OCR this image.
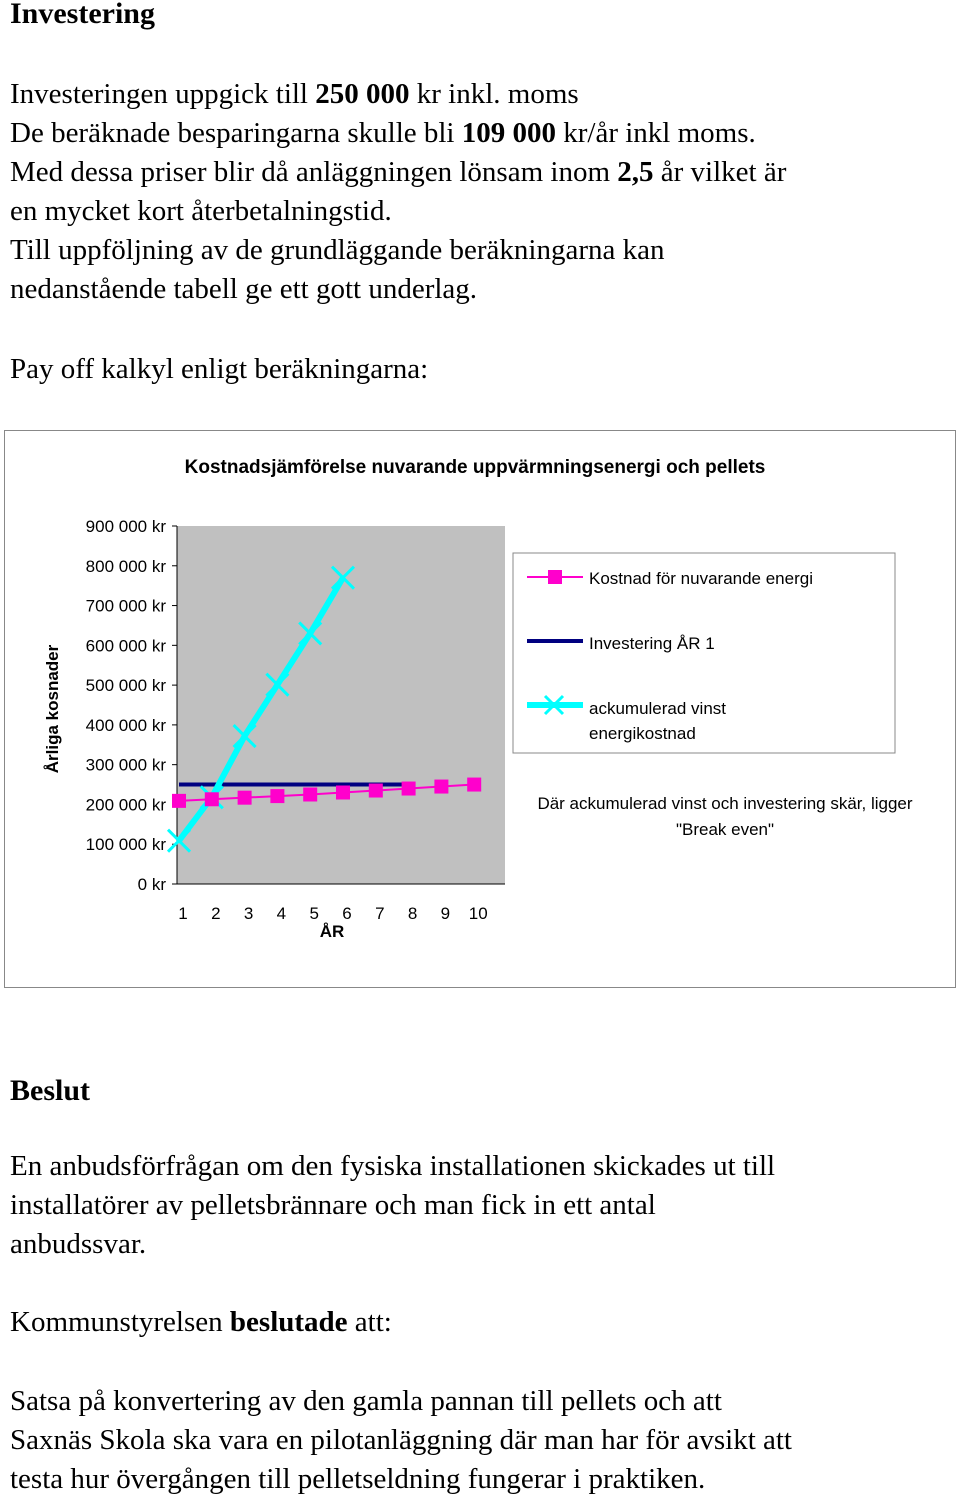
Investering
Investeringen uppgick till 250 000 kr inkl. moms
De beräknade besparingarna skulle bli 109 000 kr/år inkl moms.
Med dessa priser blir då anläggningen lönsam inom 2,5 år vilket är
en mycket kort återbetalningstid.
Till uppföljning av de grundläggande beräkningarna kan
nedanstående tabell ge ett gott underlag.
Pay off kalkyl enligt beräkningarna:
Kostnadsjämförelse nuvarande uppvärmningsenergi och pellets
0 kr
100 000 kr
200 000 kr
300 000 kr
400 000 kr
500 000 kr
600 000 kr
700 000 kr
800 000 kr
900 000 kr
1 2 3 4 5 6 7 8 9 10
ÅR
Årliga kosnader
Kostnad för nuvarande energi
Investering ÅR 1
ackumulerad vinst
energikostnad
Där ackumulerad vinst och investering skär, ligger
"Break even"
Beslut
En anbudsförfrågan om den fysiska installationen skickades ut till
installatörer av pelletsbrännare och man fick in ett antal
anbudssvar.
Kommunstyrelsen beslutade att:
Satsa på konvertering av den gamla pannan till pellets och att
Saxnäs Skola ska vara en pilotanläggning där man har för avsikt att
testa hur övergången till pelletseldning fungerar i praktiken.
